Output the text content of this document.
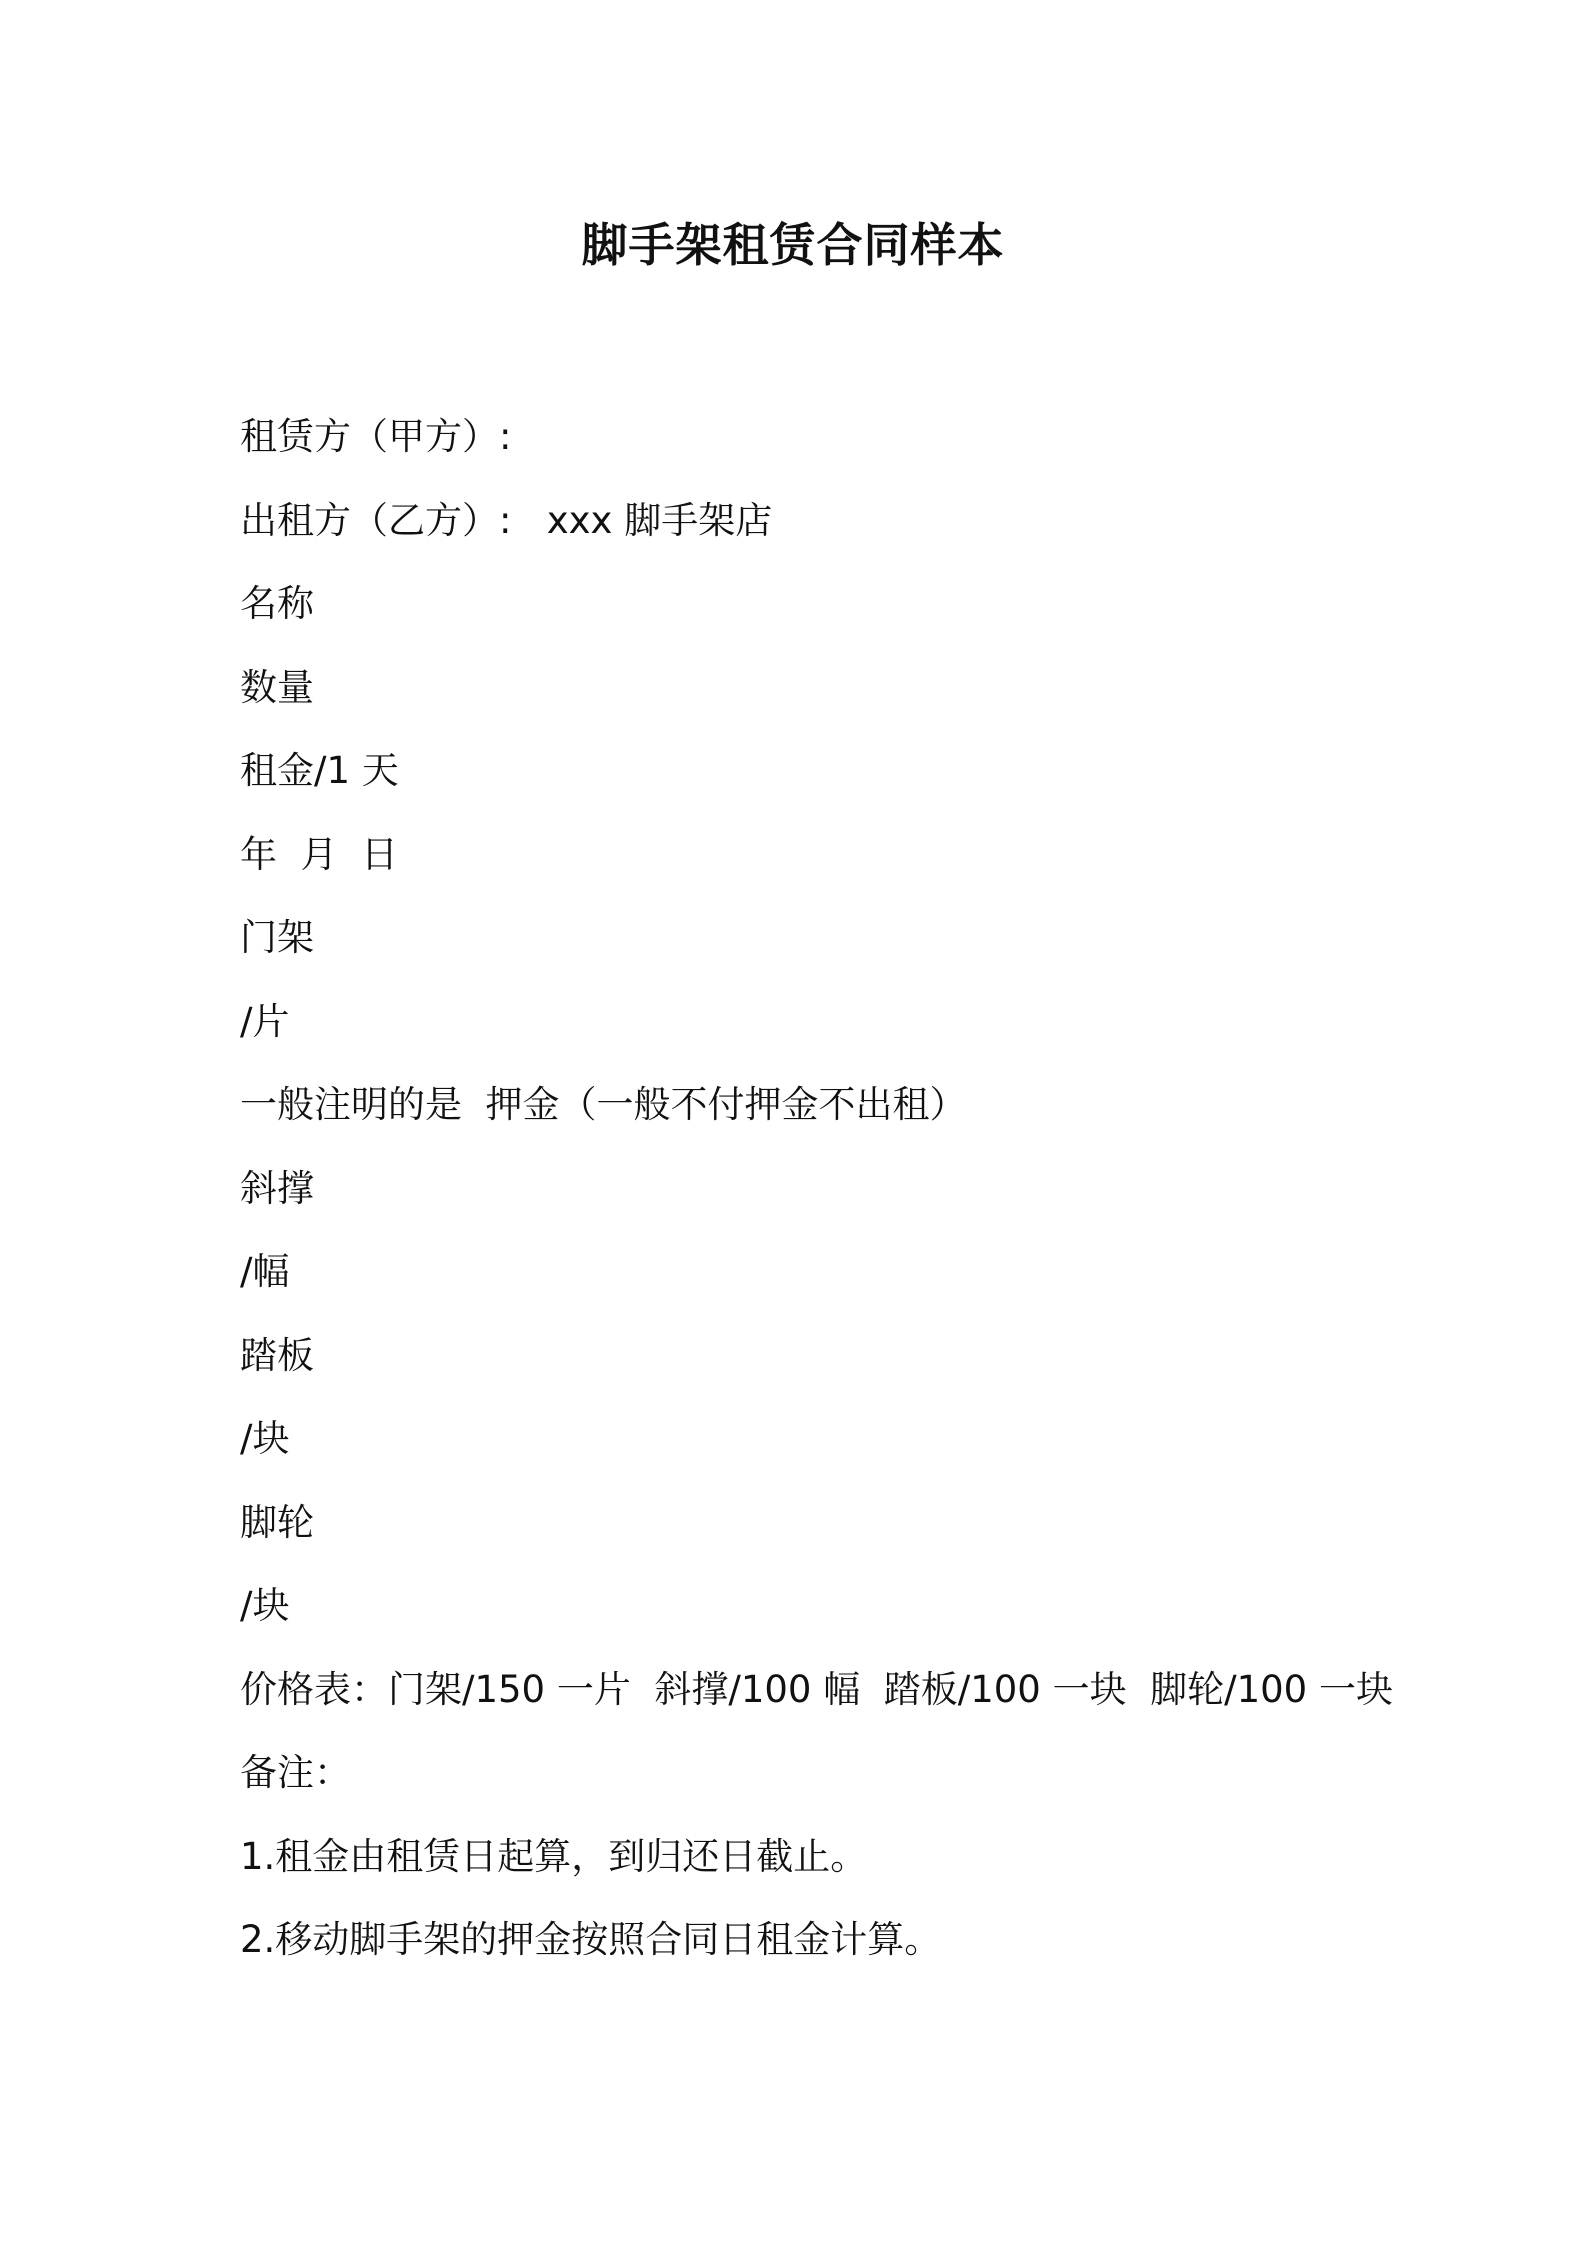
脚手架租赁合同样本
租赁方（甲方）:
出租方（乙方）:   xxx 脚手架店
名称
数量
租金/1 天
年  月  日
门架
/片
一般注明的是  押金（一般不付押金不出租）
斜撑
/幅
踏板
/块
脚轮
/块
价格表：门架/150 一片  斜撑/100 幅  踏板/100 一块  脚轮/100 一块
备注：
1.租金由租赁日起算，到归还日截止。
2.移动脚手架的押金按照合同日租金计算。
